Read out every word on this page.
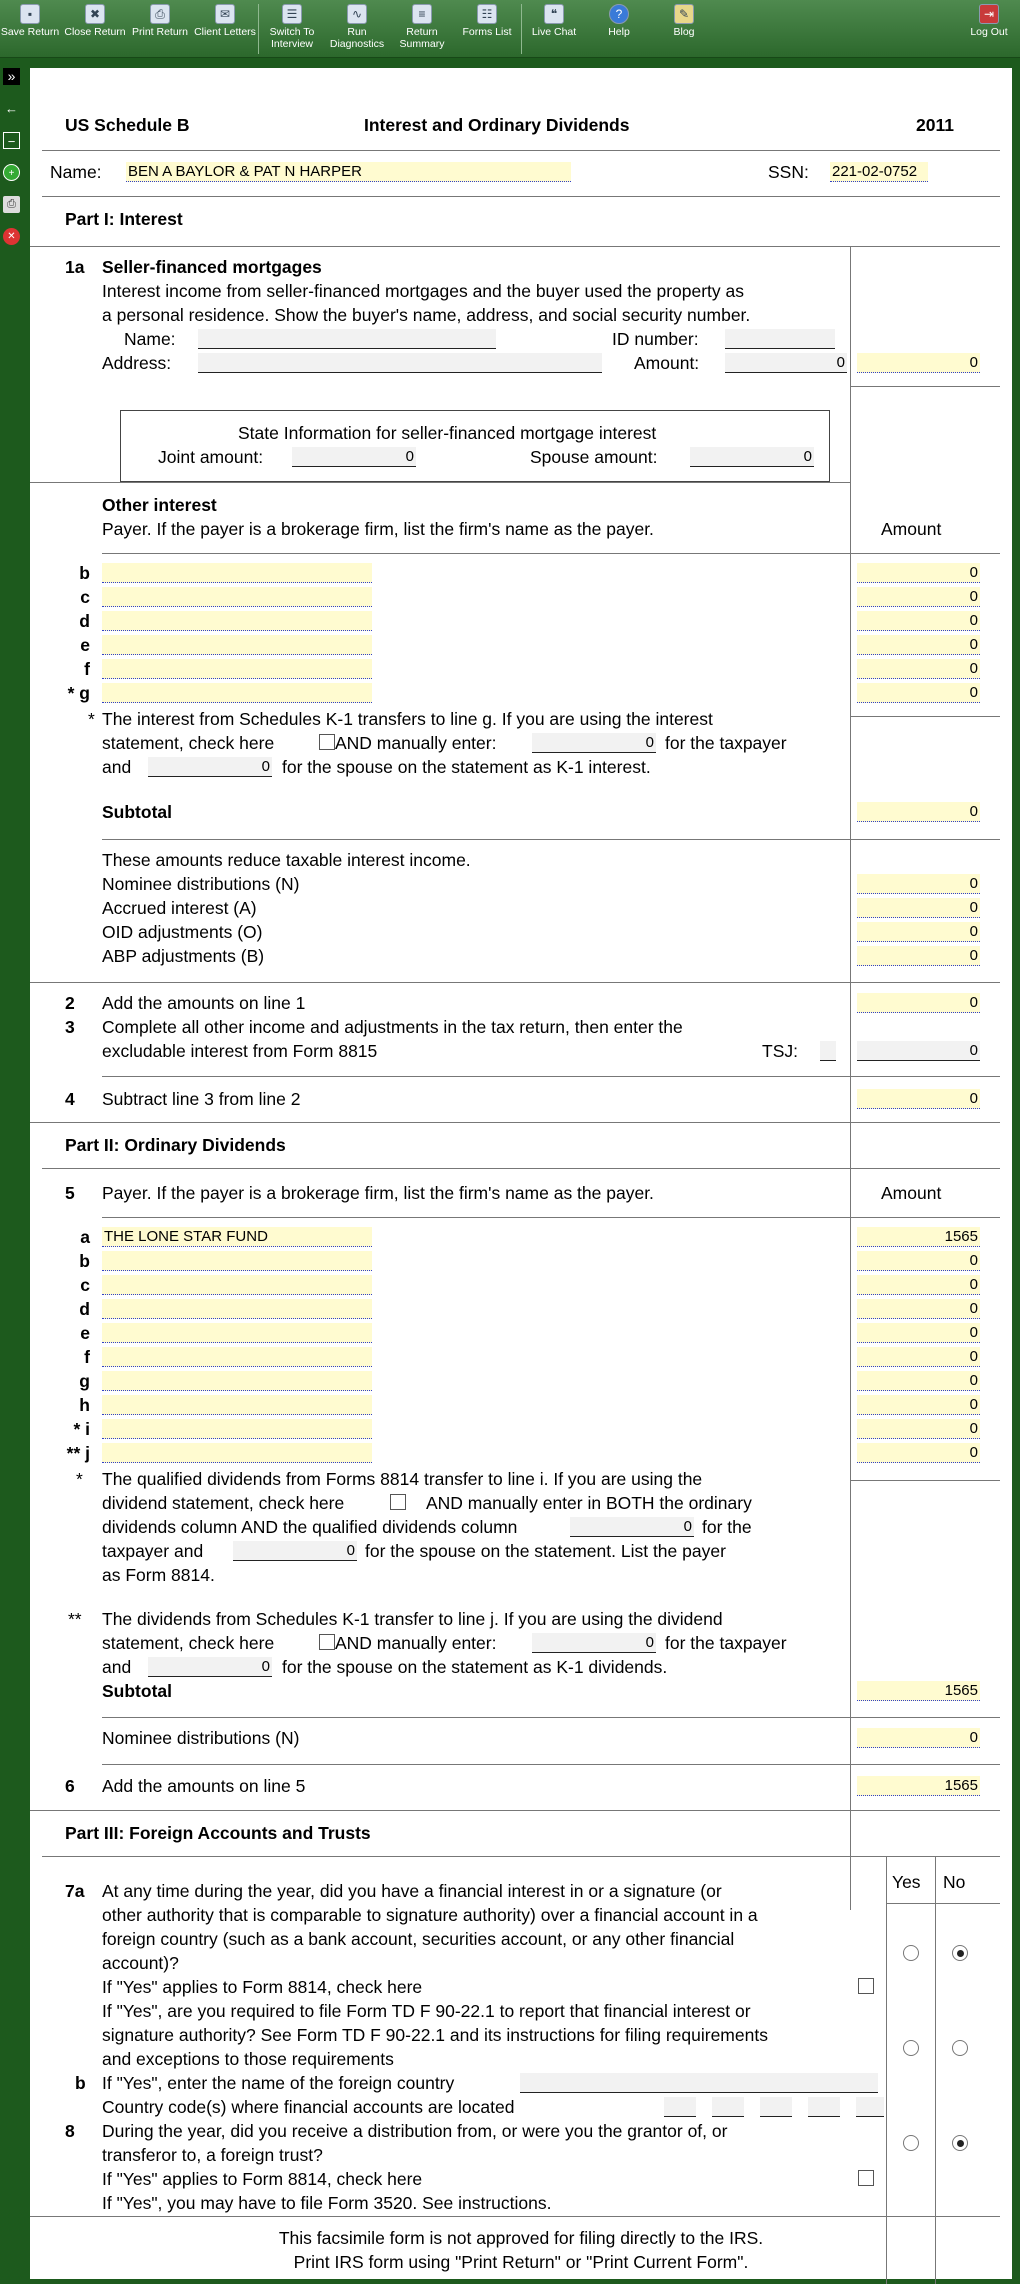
▪
Save Return
✖
Close Return
⎙
Print Return
✉
Client Letters
☰
Switch To Interview
∿
Run Diagnostics
≡
Return Summary
☷
Forms List
❝
Live Chat
?
Help
✎
Blog
⇥
Log Out
»
←
−
+
⎙
✕
US Schedule B	Interest and Ordinary Dividends	2011
Name: BEN A BAYLOR & PAT N HARPER	SSN: 221-02-0752
Part I: Interest
1a Seller-financed mortgages
Interest income from seller-financed mortgages and the buyer used the property as
a personal residence. Show the buyer's name, address, and social security number.
Name:	ID number:
Address:	Amount:	0	0
State Information for seller-financed mortgage interest
Joint amount:	0	Spouse amount:	0
Other interest
Payer. If the payer is a brokerage firm, list the firm's name as the payer.	Amount
* The interest from Schedules K-1 transfers to line g. If you are using the interest
statement, check here	AND manually enter:	0 for the taxpayer
and	0 for the spouse on the statement as K-1 interest.
Subtotal	0
These amounts reduce taxable interest income.
2 Add the amounts on line 1	0
3 Complete all other income and adjustments in the tax return, then enter the
excludable interest from Form 8815	TSJ:	0
4 Subtract line 3 from line 2	0
Part II: Ordinary Dividends
5 Payer. If the payer is a brokerage firm, list the firm's name as the payer.	Amount
* The qualified dividends from Forms 8814 transfer to line i. If you are using the
dividend statement, check here	AND manually enter in BOTH the ordinary
dividends column AND the qualified dividends column	0 for the
taxpayer and	0 for the spouse on the statement. List the payer
as Form 8814.
** The dividends from Schedules K-1 transfer to line j. If you are using the dividend
statement, check here	AND manually enter:	0 for the taxpayer
and	0 for the spouse on the statement as K-1 dividends.
Subtotal	1565
Nominee distributions (N)	0
6 Add the amounts on line 5	1565
Part III: Foreign Accounts and Trusts
Yes No
7a At any time during the year, did you have a financial interest in or a signature (or
other authority that is comparable to signature authority) over a financial account in a
foreign country (such as a bank account, securities account, or any other financial
account)?
If "Yes" applies to Form 8814, check here
If "Yes", are you required to file Form TD F 90-22.1 to report that financial interest or
signature authority? See Form TD F 90-22.1 and its instructions for filing requirements
and exceptions to those requirements
b If "Yes", enter the name of the foreign country
Country code(s) where financial accounts are located
8 During the year, did you receive a distribution from, or were you the grantor of, or
transferor to, a foreign trust?
If "Yes" applies to Form 8814, check here
If "Yes", you may have to file Form 3520. See instructions.
This facsimile form is not approved for filing directly to the IRS.
Print IRS form using "Print Return" or "Print Current Form".
b	0
c	0
d	0
e	0
f	0
* g	0
Nominee distributions (N)	0
Accrued interest (A)	0
OID adjustments (O)	0
ABP adjustments (B)	0
a THE LONE STAR FUND	1565
b	0
c	0
d	0
e	0
f	0
g	0
h	0
* i	0
** j	0
